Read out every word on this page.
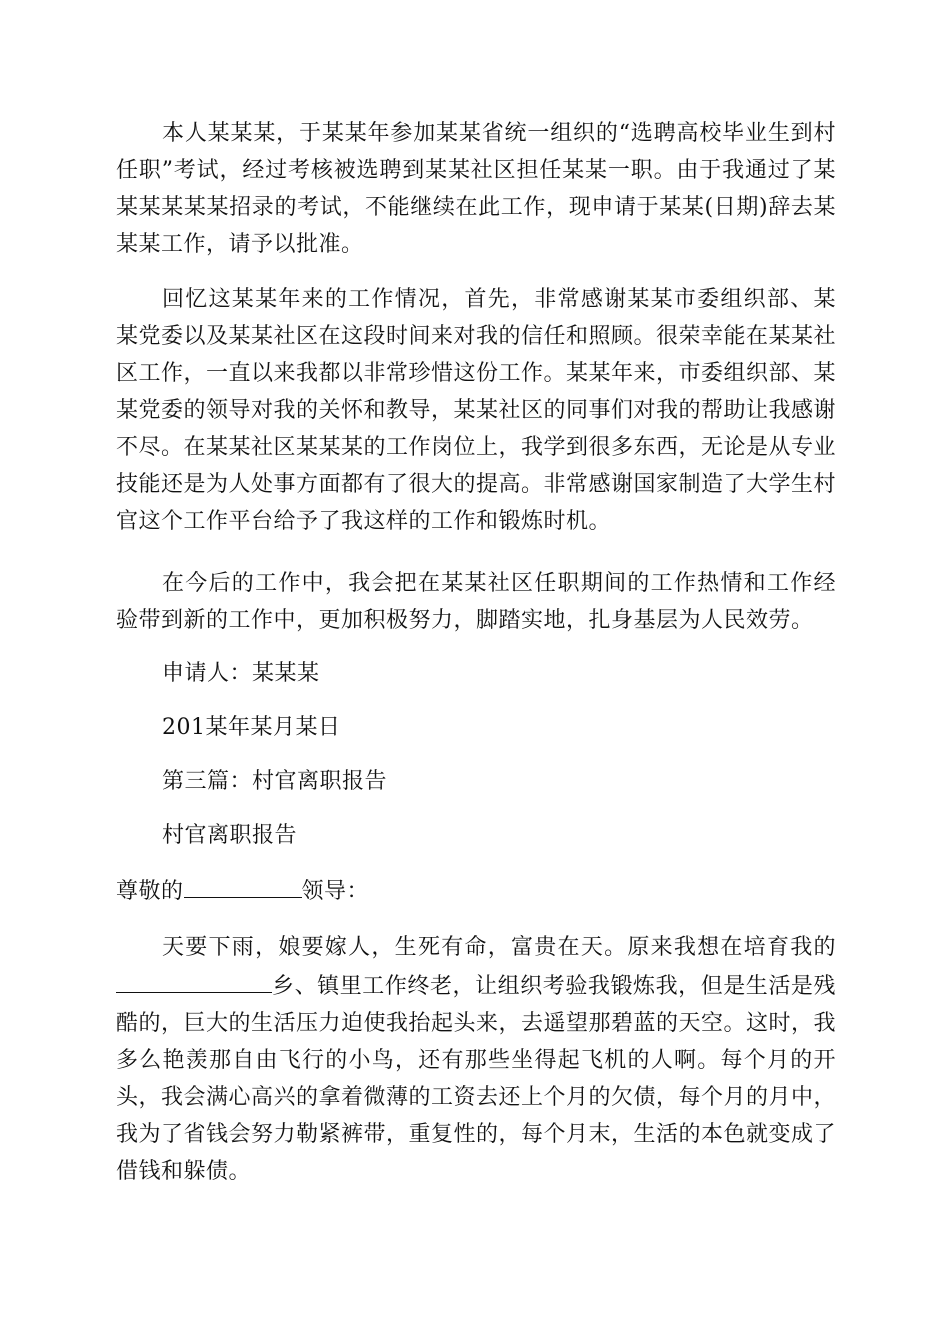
本人某某某，于某某年参加某某省统一组织的“选聘高校毕业生到村任职”考试，经过考核被选聘到某某社区担任某某一职。由于我通过了某某某某某某招录的考试，不能继续在此工作，现申请于某某(日期)辞去某某某工作，请予以批准。

回忆这某某年来的工作情况，首先，非常感谢某某市委组织部、某某党委以及某某社区在这段时间来对我的信任和照顾。很荣幸能在某某社区工作，一直以来我都以非常珍惜这份工作。某某年来，市委组织部、某某党委的领导对我的关怀和教导，某某社区的同事们对我的帮助让我感谢不尽。在某某社区某某某的工作岗位上，我学到很多东西，无论是从专业技能还是为人处事方面都有了很大的提高。非常感谢国家制造了大学生村官这个工作平台给予了我这样的工作和锻炼时机。

在今后的工作中，我会把在某某社区任职期间的工作热情和工作经验带到新的工作中，更加积极努力，脚踏实地，扎身基层为人民效劳。

申请人：某某某

201某年某月某日

第三篇：村官离职报告

村官离职报告

尊敬的	领导：

天要下雨，娘要嫁人，生死有命，富贵在天。原来我想在培育我的乡、镇里工作终老，让组织考验我锻炼我，但是生活是残酷的，巨大的生活压力迫使我抬起头来，去遥望那碧蓝的天空。这时，我多么艳羡那自由飞行的小鸟，还有那些坐得起飞机的人啊。每个月的开头，我会满心高兴的拿着微薄的工资去还上个月的欠债，每个月的月中，我为了省钱会努力勒紧裤带，重复性的，每个月末，生活的本色就变成了借钱和躲债。
